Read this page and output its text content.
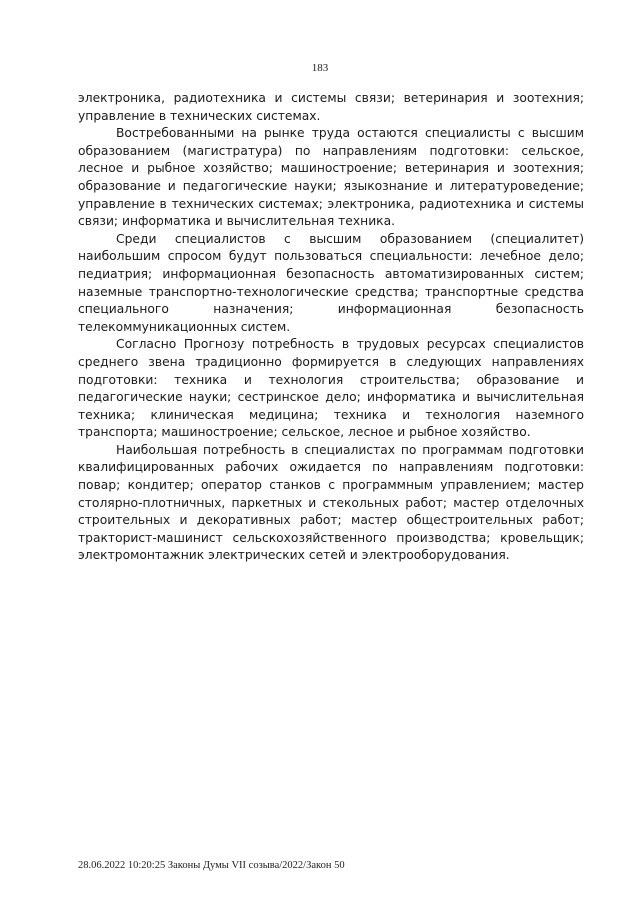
183

электроника, радиотехника и системы связи; ветеринария и зоотехния; управление в технических системах.

Востребованными на рынке труда остаются специалисты с высшим образованием (магистратура) по направлениям подготовки: сельское, лесное и рыбное хозяйство; машиностроение; ветеринария и зоотехния; образование и педагогические науки; языкознание и литературоведение; управление в технических системах; электроника, радиотехника и системы связи; информатика и вычислительная техника.

Среди специалистов с высшим образованием (специалитет) наибольшим спросом будут пользоваться специальности: лечебное дело; педиатрия; информационная безопасность автоматизированных систем; наземные транспортно-технологические средства; транспортные средства специального назначения; информационная безопасность телекоммуникационных систем.

Согласно Прогнозу потребность в трудовых ресурсах специалистов среднего звена традиционно формируется в следующих направлениях подготовки: техника и технология строительства; образование и педагогические науки; сестринское дело; информатика и вычислительная техника; клиническая медицина; техника и технология наземного транспорта; машиностроение; сельское, лесное и рыбное хозяйство.

Наибольшая потребность в специалистах по программам подготовки квалифицированных рабочих ожидается по направлениям подготовки: повар; кондитер; оператор станков с программным управлением; мастер столярно-плотничных, паркетных и стекольных работ; мастер отделочных строительных и декоративных работ; мастер общестроительных работ; тракторист-машинист сельскохозяйственного производства; кровельщик; электромонтажник электрических сетей и электрооборудования.

28.06.2022 10:20:25 Законы Думы VII созыва/2022/Закон 50
